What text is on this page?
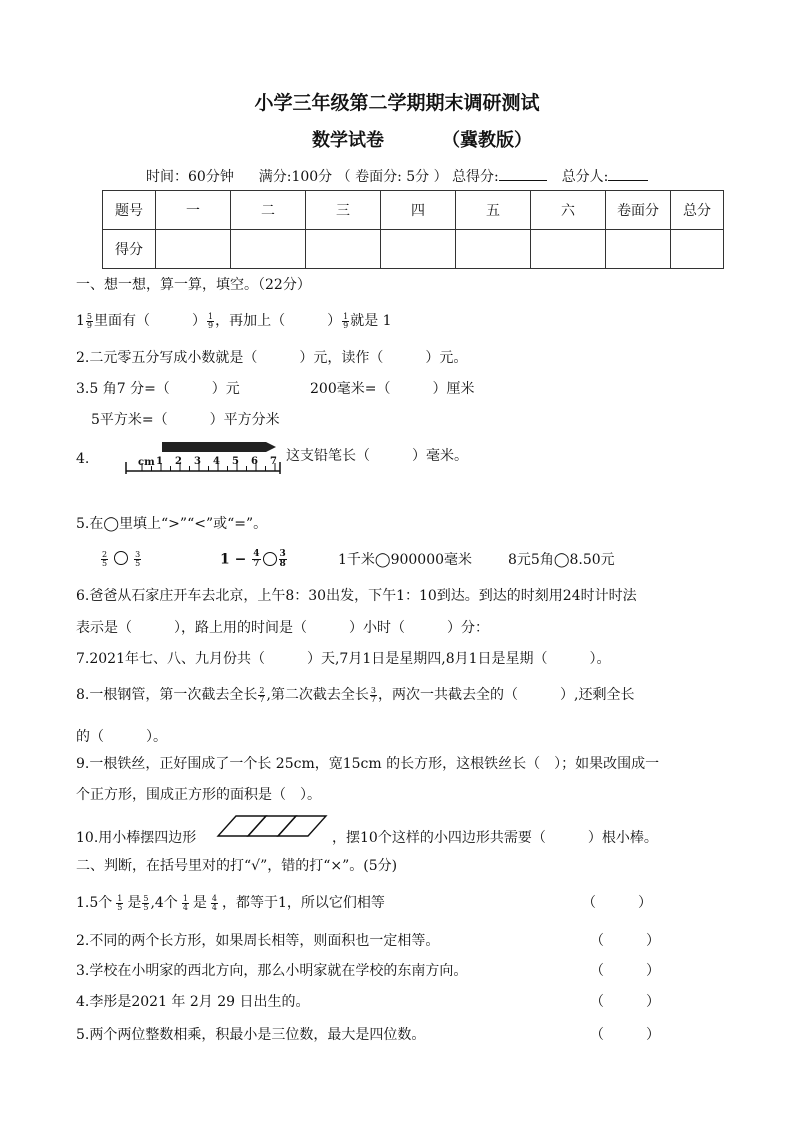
小学三年级第二学期期末调研测试
数学试卷	（冀教版）
时间：60分钟 满分:100分 （ 卷面分: 5分 ） 总得分:	总分人:
题号	一	二	三	四	五	六	卷面分	总分
得分								
一、想一想，算一算，填空。（22分）
$1 \frac{5}{9}$ 里面有（　　　） $\frac{1}{9}$ ，再加上（　　　） $\frac{1}{9}$ 就是 1
2.二元零五分写成小数就是（　　　）元，读作（　　　）元。
3.5 角7 分=（　　　）元	200毫米=（　　　）厘米
5平方米=（　　　）平方分米
4.	cm 1 2 3 4 5 6 7 这支铅笔长（　　　）毫米。
5.在◯里填上“>”“<”或“=”。
$\frac{2}{5}$	$\frac{3}{5}$	$1 - \frac{4}{7} \frac{3}{8}$	1千米◯900000毫米	8元5角◯8.50元
6.爸爸从石家庄开车去北京，上午8：30出发，下午1：10到达。到达的时刻用24时计时法
表示是（　　　），路上用的时间是（　　　）小时（　　　）分：
7.2021年七、八、九月份共（　　　）天,7月1日是星期四,8月1日是星期（　　　）。
8.一根钢管，第一次截去全长 $\frac{2}{7}$ ,第二次截去全长 $\frac{3}{7}$ ，两次一共截去全的（　　　）,还剩全长
的（　　　）。
9.一根铁丝，正好围成了一个长 25cm，宽15cm 的长方形，这根铁丝长（　）；如果改围成一
个正方形，围成正方形的面积是（　）。
10.用小棒摆四边形	，摆10个这样的小四边形共需要（　　　）根小棒。
二、判断，在括号里对的打“√”，错的打“×”。(5分)
1.5个 $\frac{1}{5}$ 是 $\frac{5}{5} ,4$个 $\frac{1}{4}$ 是 $\frac{4}{4}$ ，都等于1，所以它们相等	（　　　）
2.不同的两个长方形，如果周长相等，则面积也一定相等。	（　　　）
3.学校在小明家的西北方向，那么小明家就在学校的东南方向。	（　　　）
4.李彤是2021 年 2月 29 日出生的。	（　　　）
5.两个两位整数相乘，积最小是三位数，最大是四位数。	（　　　）
